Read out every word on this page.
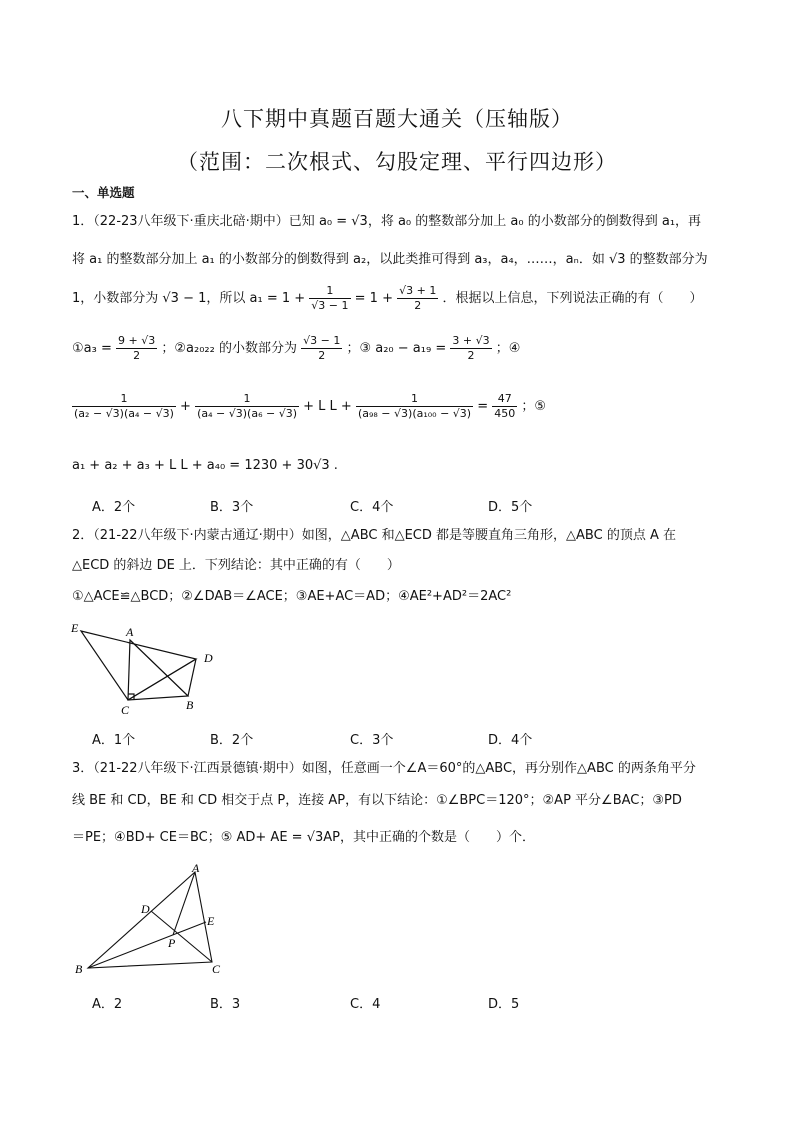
八下期中真题百题大通关（压轴版）
（范围：二次根式、勾股定理、平行四边形）
一、单选题
1．（22-23八年级下·重庆北碚·期中）已知 a₀ = √3，将 a₀ 的整数部分加上 a₀ 的小数部分的倒数得到 a₁，再
将 a₁ 的整数部分加上 a₁ 的小数部分的倒数得到 a₂，以此类推可得到 a₃，a₄，……，aₙ．如 √3 的整数部分为
1，小数部分为 √3 − 1，所以 $a_1 = 1 + \frac{1}{√3 - 1} = 1 + \frac{√3 + 1}{2}$ ．根据以上信息，下列说法正确的有（　　）
①a₃ = $\frac{9 + √3}{2}$ ；②a₂₀₂₂ 的小数部分为 $\frac{√3 - 1}{2}$ ；③ $a_{20} - a_{19} = \frac{3 + √3}{2}$ ；④
$\frac{1}{\text{(a₂ − √3)(a₄ − √3)}} + \frac{1}{\text{(a₄ − √3)(a₆ − √3)}} + L$ $L + \frac{1}{\text{(a₉₈ − √3)(a₁₀₀ − √3)}} = \frac{47}{450}$ ；⑤
a₁ + a₂ + a₃ + L L + a₄₀ = 1230 + 30√3 .
A．2个	B．3个	C．4个	D．5个
2．（21-22八年级下·内蒙古通辽·期中）如图，△ABC 和△ECD 都是等腰直角三角形，△ABC 的顶点 A 在
△ECD 的斜边 DE 上．下列结论：其中正确的有（　　）
①△ACE≌△BCD；②∠DAB＝∠ACE；③AE+AC＝AD；④AE²+AD²＝2AC²
E	A
D
C	B
A．1个	B．2个	C．3个	D．4个
3．（21-22八年级下·江西景德镇·期中）如图，任意画一个∠A＝60°的△ABC，再分别作△ABC 的两条角平分
线 BE 和 CD，BE 和 CD 相交于点 P，连接 AP，有以下结论：①∠BPC＝120°；②AP 平分∠BAC；③PD
＝PE；④BD+ CE＝BC；⑤ AD+ AE = √3AP，其中正确的个数是（　　）个．
A
D
E
P
B	C
A．2	B．3	C．4	D．5
